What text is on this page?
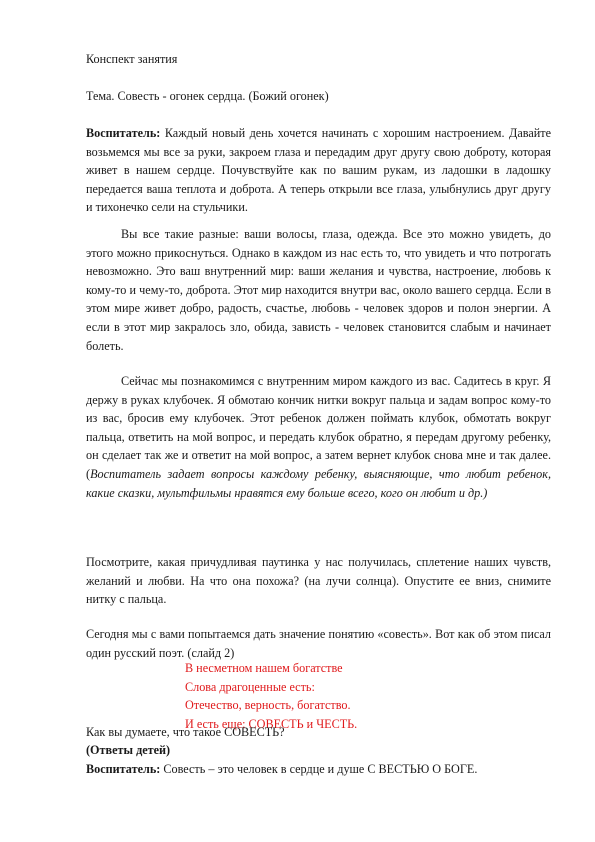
Конспект занятия

Тема. Совесть - огонек сердца. (Божий огонек)

Воспитатель: Каждый новый день хочется начинать с хорошим настроением. Давайте возьмемся мы все за руки, закроем глаза и передадим друг другу свою доброту, которая живет в нашем сердце. Почувствуйте как по вашим рукам, из ладошки в ладошку передается ваша теплота и доброта. А теперь открыли все глаза, улыбнулись друг другу и тихонечко сели на стульчики.

Вы все такие разные: ваши волосы, глаза, одежда. Все это можно увидеть, до этого можно прикоснуться. Однако в каждом из нас есть то, что увидеть и что потрогать невозможно. Это ваш внутренний мир: ваши желания и чувства, настроение, любовь к кому-то и чему-то, доброта. Этот мир находится внутри вас, около вашего сердца. Если в этом мире живет добро, радость, счастье, любовь - человек здоров и полон энергии. А если в этот мир закралось зло, обида, зависть - человек становится слабым и начинает болеть.

Сейчас мы познакомимся с внутренним миром каждого из вас. Садитесь в круг. Я держу в руках клубочек. Я обмотаю кончик нитки вокруг пальца и задам вопрос кому-то из вас, бросив ему клубочек. Этот ребенок должен поймать клубок, обмотать вокруг пальца, ответить на мой вопрос, и передать клубок обратно, я передам другому ребенку, он сделает так же и ответит на мой вопрос, а затем вернет клубок снова мне и так далее. (Воспитатель задает вопросы каждому ребенку, выясняющие, что любит ребенок, какие сказки, мультфильмы нравятся ему больше всего, кого он любит и др.)

Посмотрите, какая причудливая паутинка у нас получилась, сплетение наших чувств, желаний и любви. На что она похожа? (на лучи солнца). Опустите ее вниз, снимите нитку с пальца.

Сегодня мы с вами попытаемся дать значение понятию «совесть». Вот как об этом писал один русский поэт. (слайд 2)

В несметном нашем богатстве
Слова драгоценные есть:
Отечество, верность, богатство.
И есть еще: СОВЕСТЬ и ЧЕСТЬ.

Как вы думаете, что такое СОВЕСТЬ?

(Ответы детей)

Воспитатель: Совесть – это человек в сердце и душе С ВЕСТЬЮ О БОГЕ.
